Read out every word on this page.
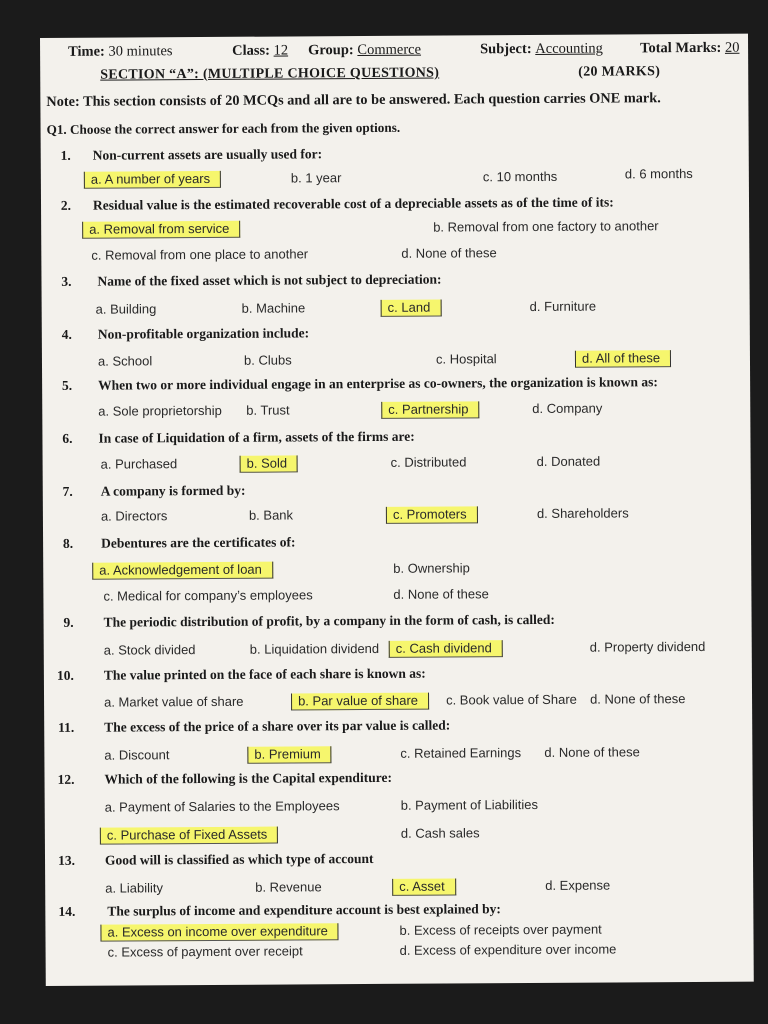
Time: 30 minutes	Class: 12 Group: Commerce	Subject: Accounting	Total Marks: 20
SECTION “A”: (MULTIPLE CHOICE QUESTIONS)	(20 MARKS)
Note: This section consists of 20 MCQs and all are to be answered. Each question carries ONE mark.
Q1. Choose the correct answer for each from the given options.
1. Non-current assets are usually used for:
a. A number of years	b. 1 year	c. 10 months	d. 6 months
2. Residual value is the estimated recoverable cost of a depreciable assets as of the time of its:
a. Removal from service	b. Removal from one factory to another
c. Removal from one place to another	d. None of these
3. Name of the fixed asset which is not subject to depreciation:
a. Building	b. Machine	c. Land	d. Furniture
4. Non-profitable organization include:
a. School	b. Clubs	c. Hospital	d. All of these
5. When two or more individual engage in an enterprise as co-owners, the organization is known as:
a. Sole proprietorship b. Trust	c. Partnership	d. Company
6. In case of Liquidation of a firm, assets of the firms are:
a. Purchased	b. Sold	c. Distributed	d. Donated
7. A company is formed by:
a. Directors	b. Bank	c. Promoters	d. Shareholders
8. Debentures are the certificates of:
a. Acknowledgement of loan	b. Ownership
c. Medical for company’s employees	d. None of these
9. The periodic distribution of profit, by a company in the form of cash, is called:
a. Stock divided	b. Liquidation dividend	c. Cash dividend	d. Property dividend
10. The value printed on the face of each share is known as:
a. Market value of share	b. Par value of share	c. Book value of Share d. None of these
11. The excess of the price of a share over its par value is called:
a. Discount	b. Premium	c. Retained Earnings d. None of these
12. Which of the following is the Capital expenditure:
a. Payment of Salaries to the Employees	b. Payment of Liabilities
c. Purchase of Fixed Assets	d. Cash sales
13. Good will is classified as which type of account
a. Liability	b. Revenue	c. Asset	d. Expense
14. The surplus of income and expenditure account is best explained by:
a. Excess on income over expenditure	b. Excess of receipts over payment
c. Excess of payment over receipt	d. Excess of expenditure over income
